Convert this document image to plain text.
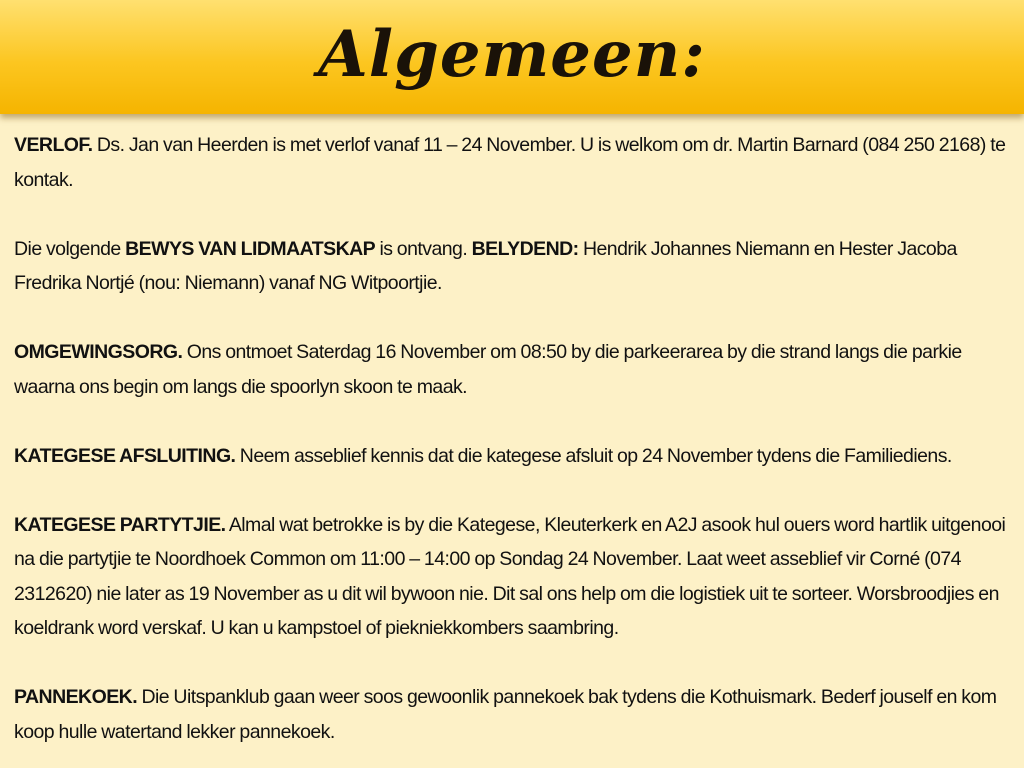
Algemeen:

VERLOF. Ds. Jan van Heerden is met verlof vanaf 11 – 24 November. U is welkom om dr. Martin Barnard (084 250 2168) te kontak.

Die volgende BEWYS VAN LIDMAATSKAP is ontvang. BELYDEND: Hendrik Johannes Niemann en Hester Jacoba Fredrika Nortjé (nou: Niemann) vanaf NG Witpoortjie.

OMGEWINGSORG. Ons ontmoet Saterdag 16 November om 08:50 by die parkeerarea by die strand langs die parkie waarna ons begin om langs die spoorlyn skoon te maak.

KATEGESE AFSLUITING. Neem asseblief kennis dat die kategese afsluit op 24 November tydens die Familiediens.

KATEGESE PARTYTJIE. Almal wat betrokke is by die Kategese, Kleuterkerk en A2J asook hul ouers word hartlik uitgenooi na die partytjie te Noordhoek Common om 11:00 – 14:00 op Sondag 24 November. Laat weet asseblief vir Corné (074 2312620) nie later as 19 November as u dit wil bywoon nie. Dit sal ons help om die logistiek uit te sorteer. Worsbroodjies en koeldrank word verskaf. U kan u kampstoel of piekniekkombers saambring.

PANNEKOEK. Die Uitspanklub gaan weer soos gewoonlik pannekoek bak tydens die Kothuismark. Bederf jouself en kom koop hulle watertand lekker pannekoek.
